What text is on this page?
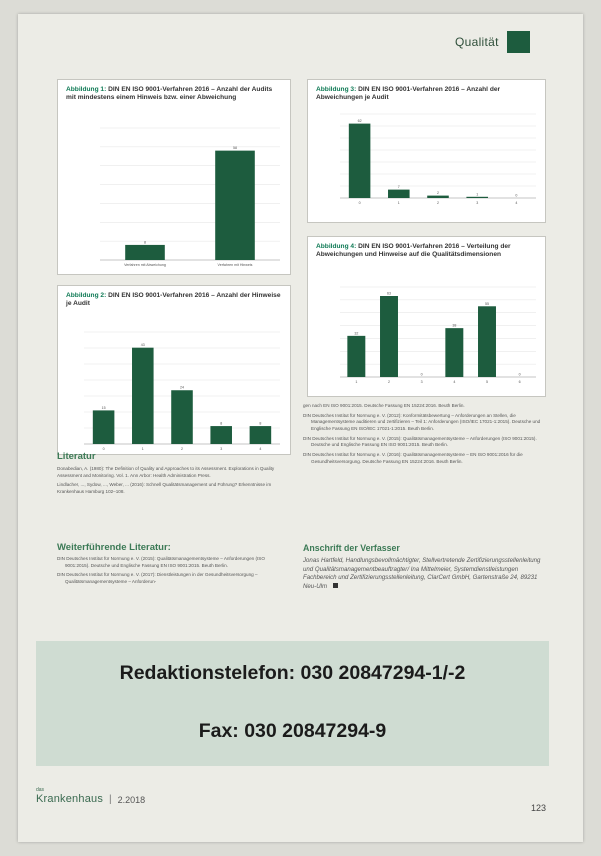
Qualität
Abbildung 1: DIN EN ISO 9001-Verfahren 2016 – Anzahl der Audits mit mindestens einem Hinweis bzw. einer Abweichung
8
Verfahren mit Abweichung
58
Verfahren mit Hinweis
Abbildung 2: DIN EN ISO 9001-Verfahren 2016 – Anzahl der Hinweise je Audit
15
0
43
1
24
2
8
3
8
4
Abbildung 3: DIN EN ISO 9001-Verfahren 2016 – Anzahl der Abweichungen je Audit
62
0
7
1
2
2
1
3
0
4
Abbildung 4: DIN EN ISO 9001-Verfahren 2016 – Verteilung der Abweichungen und Hinweise auf die Qualitätsdimensionen
32
1
63
2
0
3
38
4
55
5
0
6

gen nach EN ISO 9001:2015. Deutsche Fassung EN 15224:2016. Beuth Berlin.

DIN Deutsches Institut für Normung e. V. (2012): Konformitätsbewertung – Anforderungen an Stellen, die Managementsysteme auditieren und zertifizieren – Teil 1: Anforderungen (ISO/IEC 17021-1:2015). Deutsche und Englische Fassung EN ISO/IEC 17021-1:2015. Beuth Berlin.

DIN Deutsches Institut für Normung e. V. (2015): Qualitätsmanagementsysteme – Anforderungen (ISO 9001:2015). Deutsche und Englische Fassung EN ISO 9001:2015. Beuth Berlin.

DIN Deutsches Institut für Normung e. V. (2016): Qualitätsmanagementsysteme – EN ISO 9001:2016 für die Gesundheitsversorgung. Deutsche Fassung EN 15224:2016. Beuth Berlin.

Literatur

Donabedian, A. (1980): The Definition of Quality and Approaches to its Assessment. Explorations in Quality Assessment and Monitoring. Vol. 1. Ann Arbor: Health Administration Press.

Lindlacher, ..., Sydow, ..., Weber, ... (2016): Schnell Qualitätsmanagement und Führung? Erkenntnisse im Krankenhaus Hamburg 102–108.

Weiterführende Literatur:

DIN Deutsches Institut für Normung e. V. (2015): Qualitätsmanagementsysteme – Anforderungen (ISO 9001:2015). Deutsche und Englische Fassung EN ISO 9001:2015. Beuth Berlin.

DIN Deutsches Institut für Normung e. V. (2017): Dienstleistungen in der Gesundheitsversorgung – Qualitätsmanagementsysteme – Anforderun-

Anschrift der Verfasser
Jonas Hartfeld, Handlungsbevollmächtigter, Stellvertretende Zertifizierungsstellenleitung und Qualitätsmanagementbeauftragter/ Ina Mittelmeier, Systemdienstleistungen Fachbereich und Zertifizierungsstellenleitung, ClarCert GmbH, Gartenstraße 24, 89231 Neu-Ulm
Redaktionstelefon: 030 20847294-1/-2
Fax: 030 20847294-9
das
Krankenhaus | 2.2018
123
